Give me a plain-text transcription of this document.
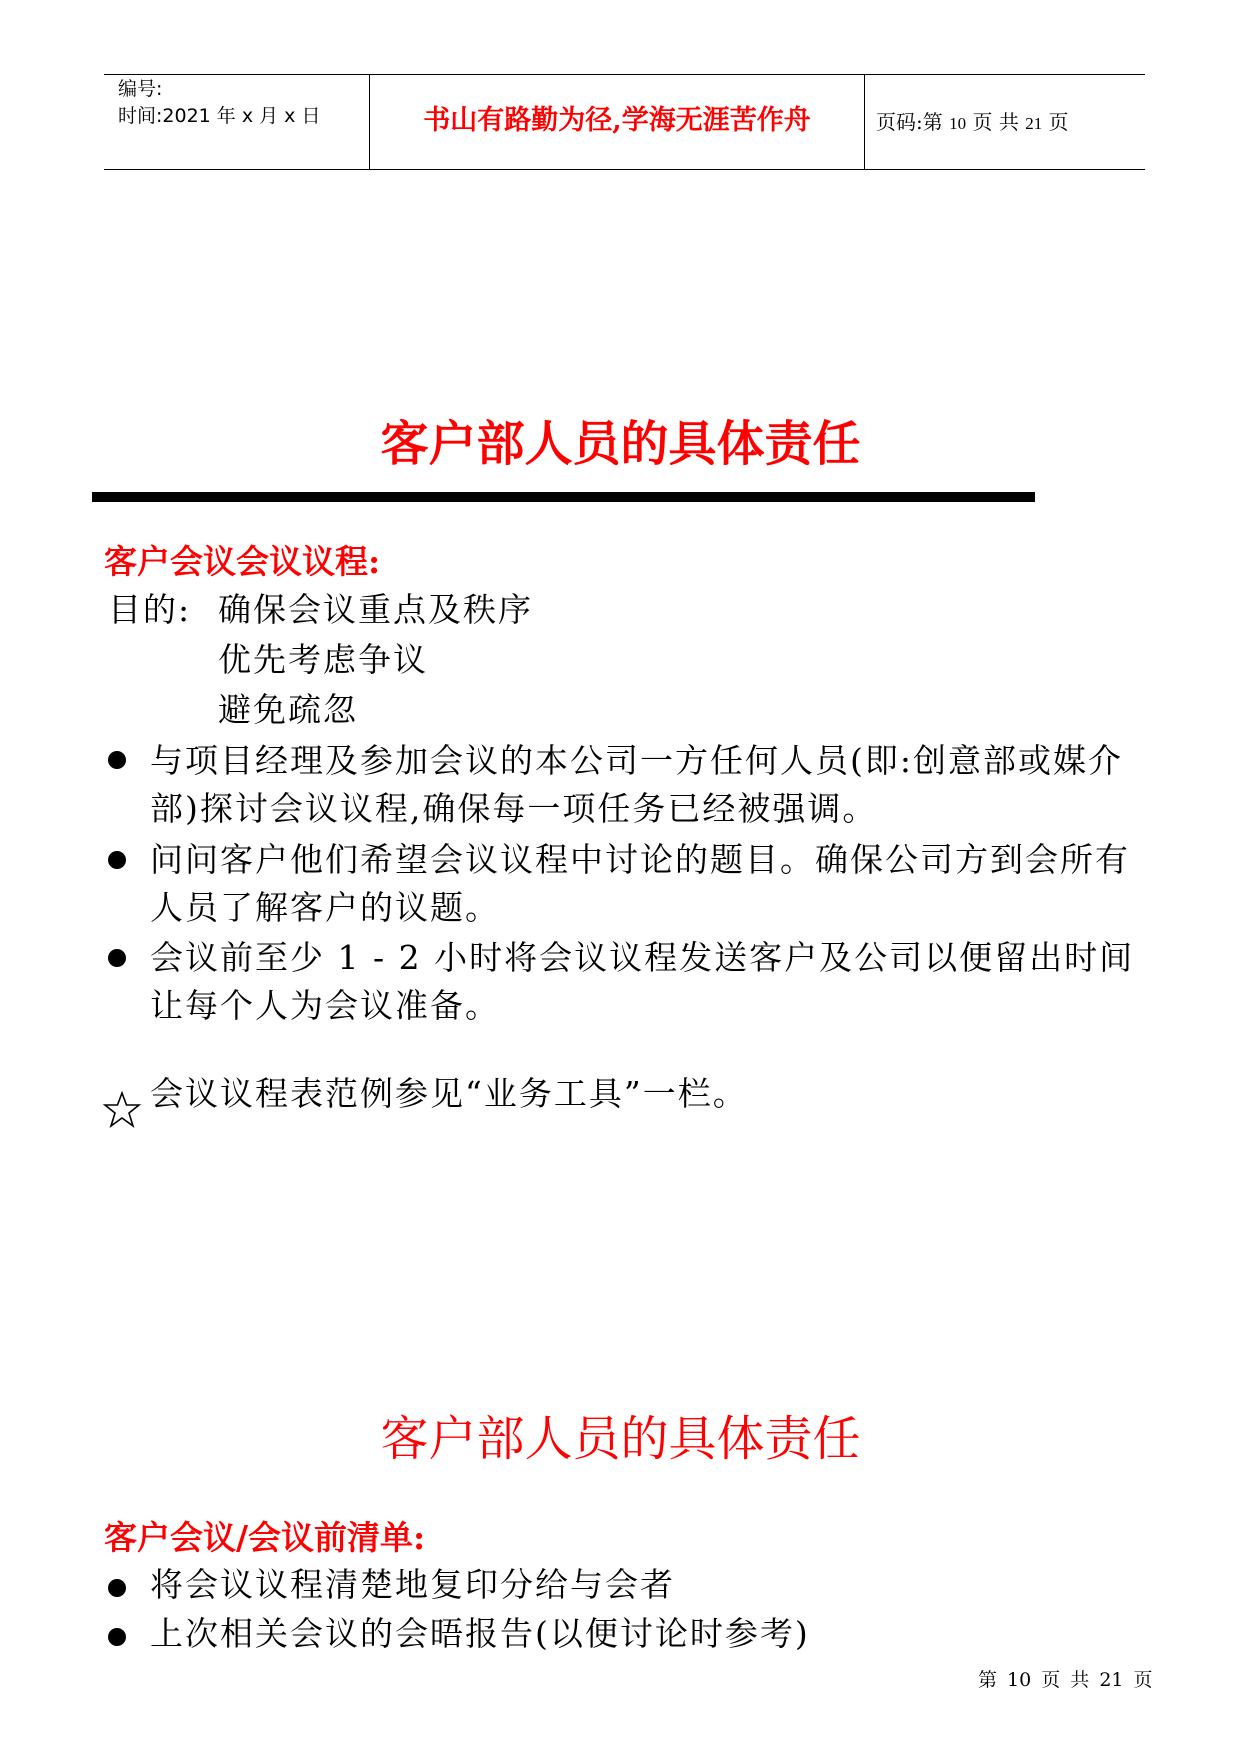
编号:
时间:2021 年 x 月 x 日	书山有路勤为径,学海无涯苦作舟	页码:第 10 页 共 21 页
客户部人员的具体责任
客户会议会议议程:
目的: 确保会议重点及秩序
优先考虑争议
避免疏忽
与项目经理及参加会议的本公司一方任何人员(即:创意部或媒介部)探讨会议议程,确保每一项任务已经被强调。
问问客户他们希望会议议程中讨论的题目。确保公司方到会所有人员了解客户的议题。
会议前至少 1 - 2 小时将会议议程发送客户及公司以便留出时间让每个人为会议准备。
会议议程表范例参见“业务工具”一栏。
客户部人员的具体责任
客户会议/会议前清单:
将会议议程清楚地复印分给与会者
上次相关会议的会晤报告(以便讨论时参考)
第 10 页 共 21 页
